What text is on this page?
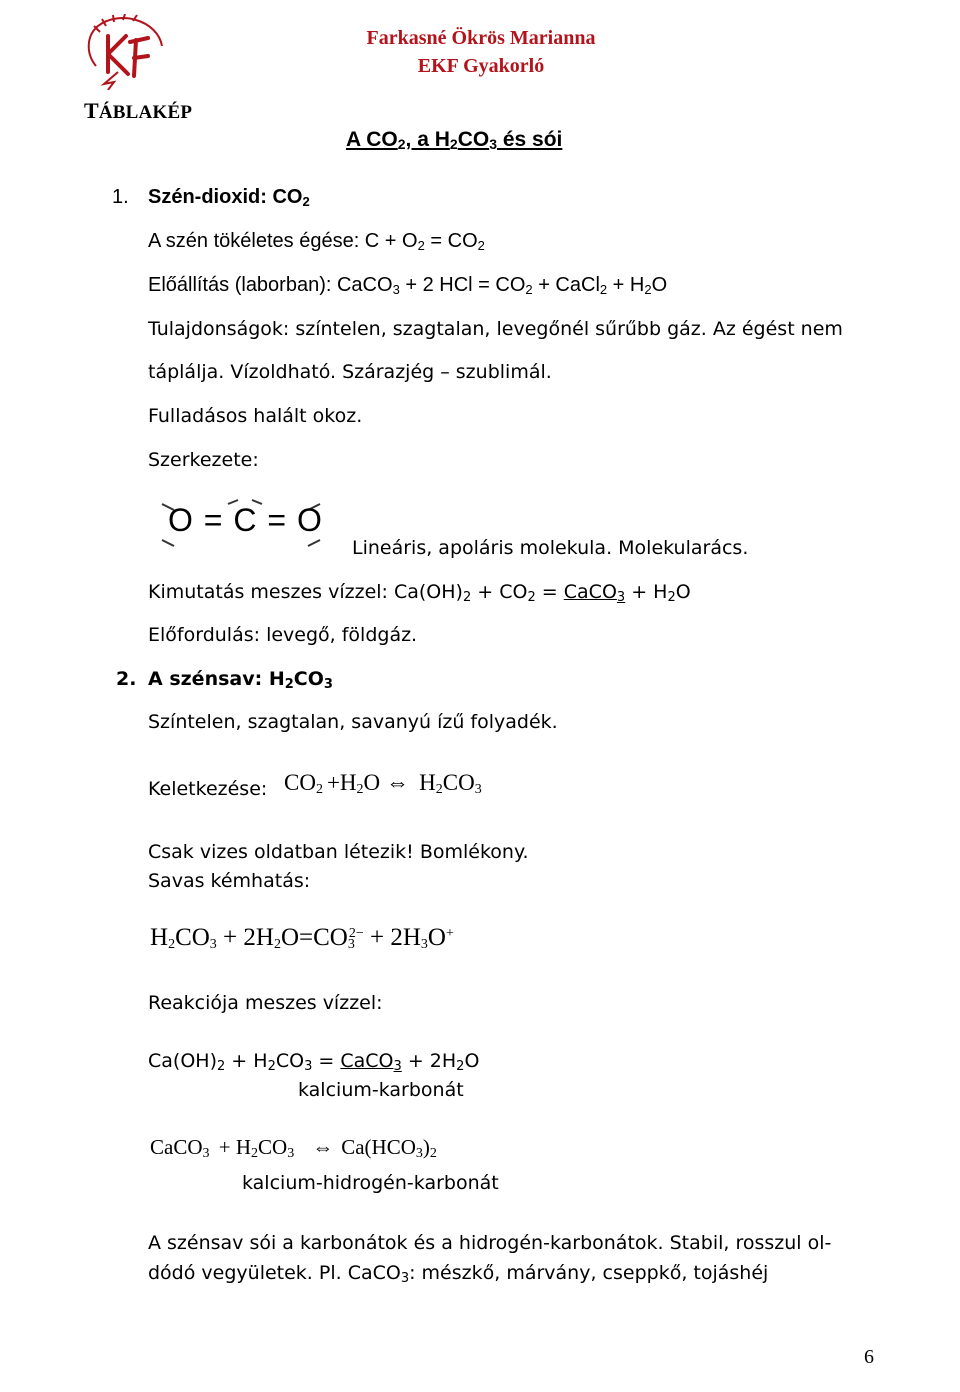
Farkasné Ökrös Marianna
EKF Gyakorló
TÁBLAKÉP
A $CO_2$, a $H_2CO_3$ és sói
1. Szén-dioxid: $CO_2$
A szén tökéletes égése: $C + O_2 = CO_2$
Előállítás (laborban): CaCO$_3$ + 2 HCl = $CO_2$ + CaCl$_2$ + $H_2O$
Tulajdonságok: színtelen, szagtalan, levegőnél sűrűbb gáz. Az égést nem
táplálja. Vízoldható. Szárazjég – szublimál.
Fulladásos halált okoz.
Szerkezete:
O = C = O
Lineáris, apoláris molekula. Molekularács.
Kimutatás meszes vízzel: $Ca(OH)_2 + CO_2$ = CaCO$_3$ + $H_2O$
Előfordulás: levegő, földgáz.
2. A szénsav: $H_2CO_3$
Színtelen, szagtalan, savanyú ízű folyadék.
Keletkezése: $CO_2 +H_2O$ ⇔ $H_2CO_3$
Csak vizes oldatban létezik! Bomlékony.
Savas kémhatás:
$H_2CO_3 + 2H_2O=CO_3^{2-} + 2H_3O^+$
Reakciója meszes vízzel:
$Ca(OH)_2 + H_2CO_3$ = CaCO$_3$ + $2H_2O$
kalcium-karbonát
CaCO$_3$ + $H_2CO_3$ ⇔ $Ca(HCO_3)_2$
kalcium-hidrogén-karbonát
A szénsav sói a karbonátok és a hidrogén-karbonátok. Stabil, rosszul ol-
dódó vegyületek. Pl. CaCO$_3$: mészkő, márvány, cseppkő, tojáshéj
6
